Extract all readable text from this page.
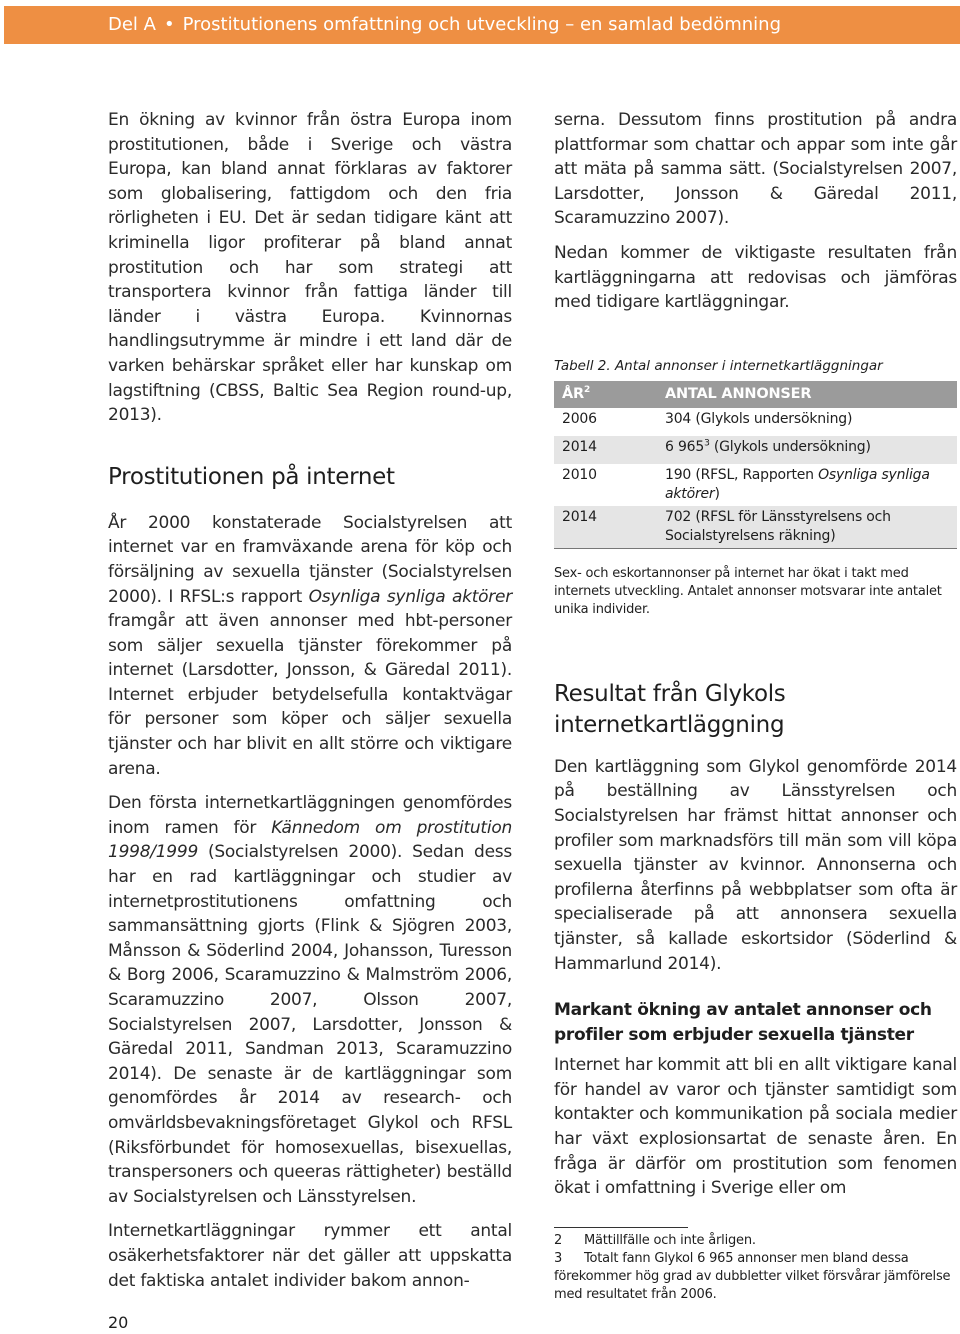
Del A • Prostitutionens omfattning och utveckling – en samlad bedömning

En ökning av kvinnor från östra Europa inom prostitutionen, både i Sverige och västra Europa, kan bland annat förklaras av faktorer som globalisering, fattigdom och den fria rörligheten i EU. Det är sedan tidigare känt att kriminella ligor profiterar på bland annat prostitution och har som strategi att transportera kvinnor från fattiga länder till länder i västra Europa. Kvinnornas handlingsutrymme är mindre i ett land där de varken behärskar språket eller har kunskap om lagstiftning (CBSS, Baltic Sea Region round-up, 2013).

Prostitutionen på internet

År 2000 konstaterade Socialstyrelsen att internet var en framväxande arena för köp och försäljning av sexuella tjänster (Socialstyrelsen 2000). I RFSL:s rapport Osynliga synliga aktörer framgår att även annonser med hbt-personer som säljer sexuella tjänster förekommer på internet (Larsdotter, Jonsson, & Gäredal 2011). Internet erbjuder betydelsefulla kontaktvägar för personer som köper och säljer sexuella tjänster och har blivit en allt större och viktigare arena.

Den första internetkartläggningen genomfördes inom ramen för Kännedom om prostitution 1998/1999 (Socialstyrelsen 2000). Sedan dess har en rad kartläggningar och studier av internetprostitutionens omfattning och sammansättning gjorts (Flink & Sjögren 2003, Månsson & Söderlind 2004, Johansson, Turesson & Borg 2006, Scaramuzzino & Malmström 2006, Scaramuzzino 2007, Olsson 2007, Socialstyrelsen 2007, Larsdotter, Jonsson & Gäredal 2011, Sandman 2013, Scaramuzzino 2014). De senaste är de kartläggningar som genomfördes år 2014 av research- och omvärldsbevakningsföretaget Glykol och RFSL (Riksförbundet för homosexuellas, bisexuellas, transpersoners och queeras rättigheter) beställd av Socialstyrelsen och Länsstyrelsen.

Internetkartläggningar rymmer ett antal osäkerhetsfaktorer när det gäller att uppskatta det faktiska antalet individer bakom annon-

serna. Dessutom finns prostitution på andra plattformar som chattar och appar som inte går att mäta på samma sätt. (Socialstyrelsen 2007, Larsdotter, Jonsson & Gäredal 2011, Scaramuzzino 2007).

Nedan kommer de viktigaste resultaten från kartläggningarna att redovisas och jämföras med tidigare kartläggningar.

Tabell 2. Antal annonser i internetkartläggningar

$ÅR^2$	ANTAL ANNONSER
2006	304 (Glykols undersökning)
2014	6 $965^3$ (Glykols undersökning)
2010	190 (RFSL, Rapporten Osynliga synliga aktörer)
2014	702 (RFSL för Länsstyrelsens och Socialstyrelsens räkning)

Sex- och eskortannonser på internet har ökat i takt med internets utveckling. Antalet annonser motsvarar inte antalet unika individer.

Resultat från Glykols internetkartläggning

Den kartläggning som Glykol genomförde 2014 på beställning av Länsstyrelsen och Socialstyrelsen har främst hittat annonser och profiler som marknadsförs till män som vill köpa sexuella tjänster av kvinnor. Annonserna och profilerna återfinns på webbplatser som ofta är specialiserade på att annonsera sexuella tjänster, så kallade eskortsidor (Söderlind & Hammarlund 2014).

Markant ökning av antalet annonser och profiler som erbjuder sexuella tjänster

Internet har kommit att bli en allt viktigare kanal för handel av varor och tjänster samtidigt som kontakter och kommunikation på sociala medier har växt explosionsartat de senaste åren. En fråga är därför om prostitution som fenomen ökat i omfattning i Sverige eller om

2 Mättillfälle och inte årligen.

3 Totalt fann Glykol 6 965 annonser men bland dessa förekommer hög grad av dubbletter vilket försvårar jämförelse med resultatet från 2006.

20
